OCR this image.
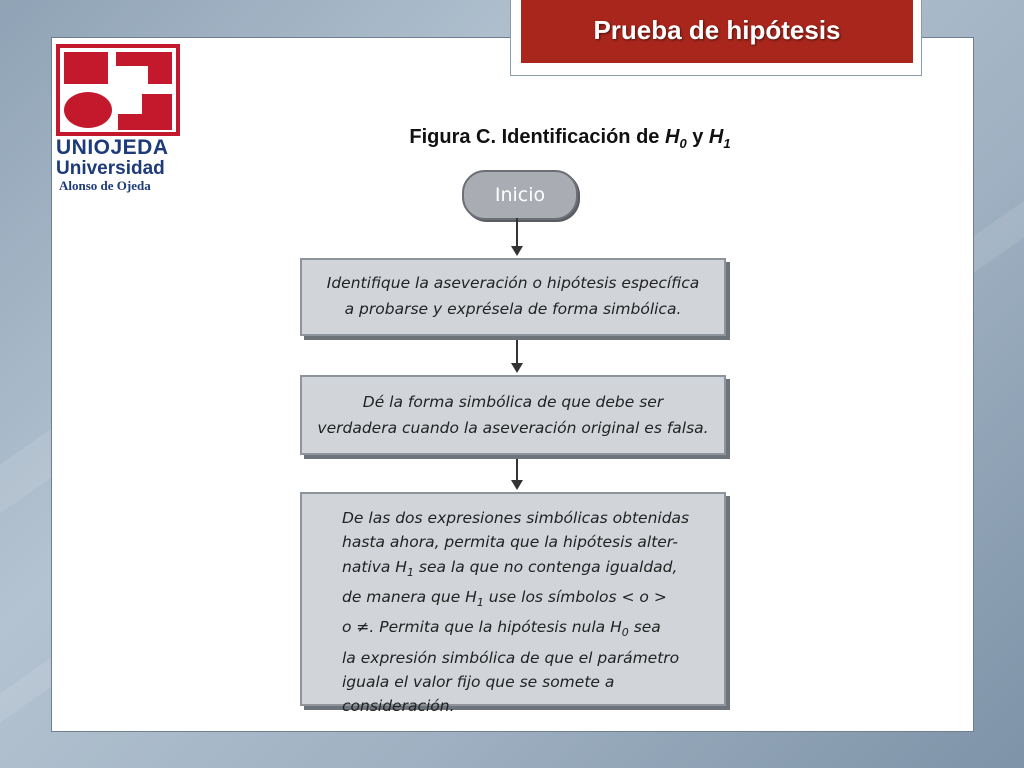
Prueba de hipótesis
UNIOJEDA
Universidad
Alonso de Ojeda
Figura C. Identificación de $H_0$ y $H_1$
Inicio
Identifique la aseveración o hipótesis específica
a probarse y exprésela de forma simbólica.
Dé la forma simbólica de que debe ser
verdadera cuando la aseveración original es falsa.
De las dos expresiones simbólicas obtenidas
hasta ahora, permita que la hipótesis alter-
nativa $H_1$ sea la que no contenga igualdad,
de manera que $H_1$ use los símbolos < o >
o ≠. Permita que la hipótesis nula $H_0$ sea
la expresión simbólica de que el parámetro
iguala el valor fijo que se somete a
consideración.
